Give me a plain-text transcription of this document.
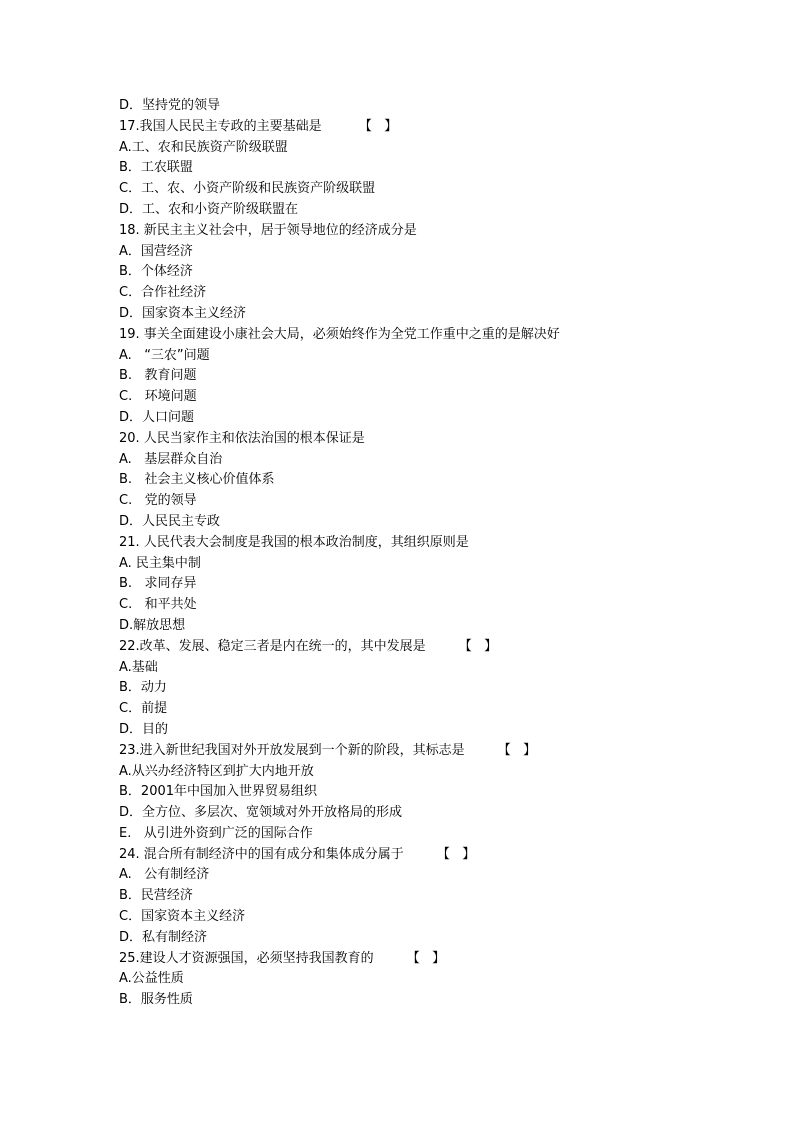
D．坚持党的领导
17.我国人民民主专政的主要基础是         【   】
A.工、农和民族资产阶级联盟
B．工农联盟
C．工、农、小资产阶级和民族资产阶级联盟
D．工、农和小资产阶级联盟在
18. 新民主主义社会中，居于领导地位的经济成分是
A．国营经济
B．个体经济
C．合作社经济
D．国家资本主义经济
19. 事关全面建设小康社会大局，必须始终作为全党工作重中之重的是解决好
A.   “三农”问题
B.   教育问题
C.   环境问题
D．人口问题
20. 人民当家作主和依法治国的根本保证是
A.   基层群众自治
B.   社会主义核心价值体系
C.   党的领导
D．人民民主专政
21. 人民代表大会制度是我国的根本政治制度，其组织原则是
A. 民主集中制
B.   求同存异
C.   和平共处
D.解放思想
22.改革、发展、稳定三者是内在统一的，其中发展是        【   】
A.基础
B．动力
C．前提
D．目的
23.进入新世纪我国对外开放发展到一个新的阶段，其标志是        【   】
A.从兴办经济特区到扩大内地开放
B．2001年中国加入世界贸易组织
D．全方位、多层次、宽领域对外开放格局的形成
E.   从引进外资到广泛的国际合作
24. 混合所有制经济中的国有成分和集体成分属于        【   】
A.   公有制经济
B．民营经济
C．国家资本主义经济
D．私有制经济
25.建设人才资源强国，必须坚持我国教育的        【   】
A.公益性质
B．服务性质
